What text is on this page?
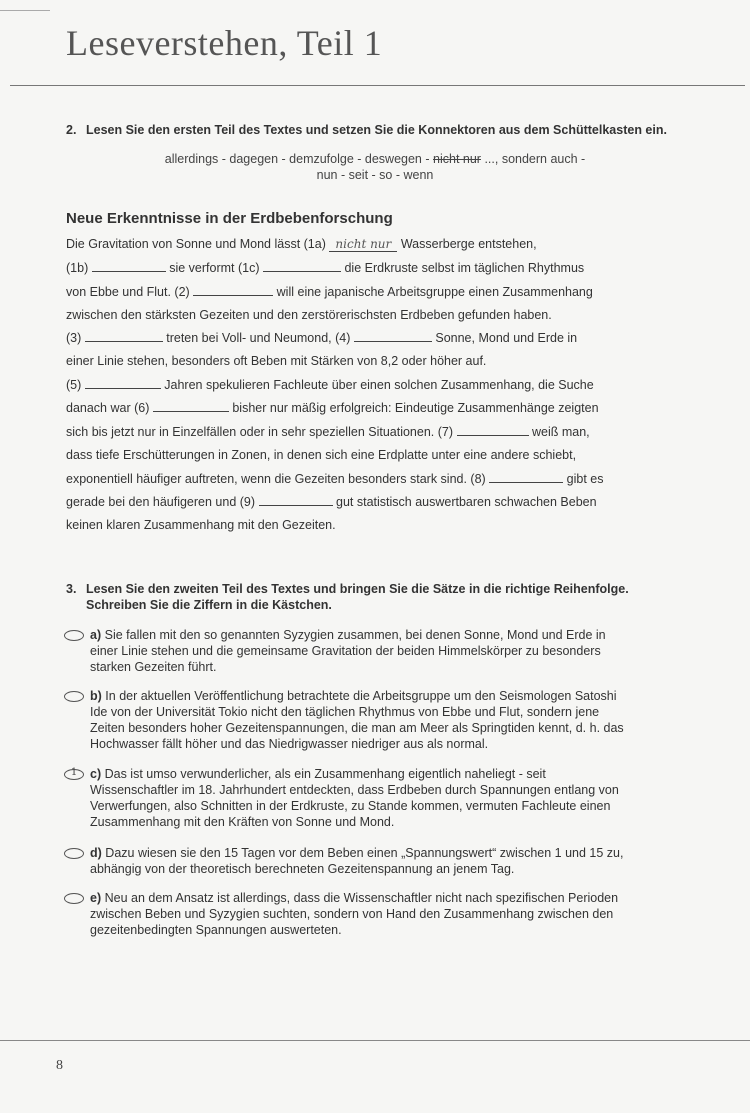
Leseverstehen, Teil 1
2. Lesen Sie den ersten Teil des Textes und setzen Sie die Konnektoren aus dem Schüttelkasten ein.
allerdings - dagegen - demzufolge - deswegen - nicht nur ..., sondern auch -
nun - seit - so - wenn
Neue Erkenntnisse in der Erdbebenforschung
Die Gravitation von Sonne und Mond lässt (1a) nicht nur Wasserberge entstehen,
(1b)	sie verformt (1c)	die Erdkruste selbst im täglichen Rhythmus
von Ebbe und Flut. (2)	will eine japanische Arbeitsgruppe einen Zusammenhang
zwischen den stärksten Gezeiten und den zerstörerischsten Erdbeben gefunden haben.
(3)	treten bei Voll- und Neumond, (4)	Sonne, Mond und Erde in
einer Linie stehen, besonders oft Beben mit Stärken von 8,2 oder höher auf.
(5)	Jahren spekulieren Fachleute über einen solchen Zusammenhang, die Suche
danach war (6)	bisher nur mäßig erfolgreich: Eindeutige Zusammenhänge zeigten
sich bis jetzt nur in Einzelfällen oder in sehr speziellen Situationen. (7)	weiß man,
dass tiefe Erschütterungen in Zonen, in denen sich eine Erdplatte unter eine andere schiebt,
exponentiell häufiger auftreten, wenn die Gezeiten besonders stark sind. (8)	gibt es
gerade bei den häufigeren und (9)	gut statistisch auswertbaren schwachen Beben
keinen klaren Zusammenhang mit den Gezeiten.
3. Lesen Sie den zweiten Teil des Textes und bringen Sie die Sätze in die richtige Reihenfolge.
Schreiben Sie die Ziffern in die Kästchen.
a) Sie fallen mit den so genannten Syzygien zusammen, bei denen Sonne, Mond und Erde in einer Linie stehen und die gemeinsame Gravitation der beiden Himmelskörper zu besonders starken Gezeiten führt.
b) In der aktuellen Veröffentlichung betrachtete die Arbeitsgruppe um den Seismologen Satoshi Ide von der Universität Tokio nicht den täglichen Rhythmus von Ebbe und Flut, sondern jene Zeiten besonders hoher Gezeitenspannungen, die man am Meer als Springtiden kennt, d. h. das Hochwasser fällt höher und das Niedrigwasser niedriger aus als normal.
1	c) Das ist umso verwunderlicher, als ein Zusammenhang eigentlich naheliegt - seit Wissenschaftler im 18. Jahrhundert entdeckten, dass Erdbeben durch Spannungen entlang von Verwerfungen, also Schnitten in der Erdkruste, zu Stande kommen, vermuten Fachleute einen Zusammenhang mit den Kräften von Sonne und Mond.
d) Dazu wiesen sie den 15 Tagen vor dem Beben einen „Spannungswert“ zwischen 1 und 15 zu, abhängig von der theoretisch berechneten Gezeitenspannung an jenem Tag.
e) Neu an dem Ansatz ist allerdings, dass die Wissenschaftler nicht nach spezifischen Perioden zwischen Beben und Syzygien suchten, sondern von Hand den Zusammenhang zwischen den gezeitenbedingten Spannungen auswerteten.
8
